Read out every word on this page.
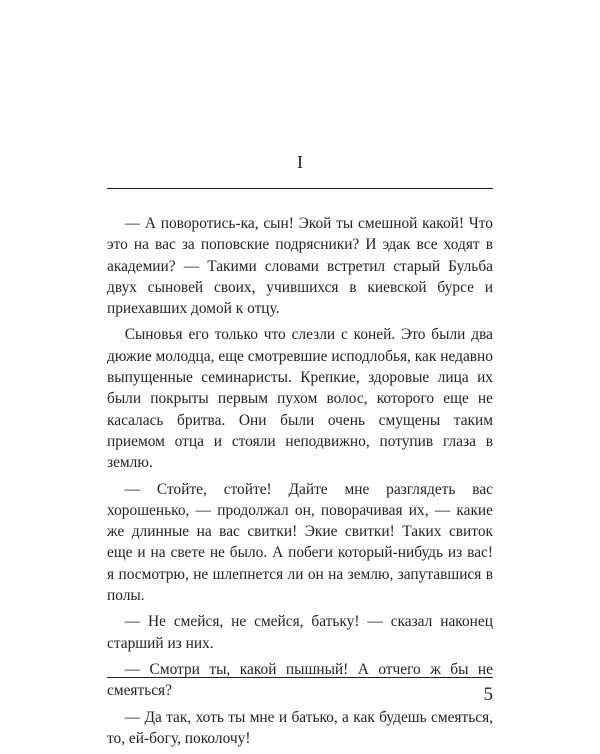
I

— А поворотись-ка, сын! Экой ты смешной какой! Что это на вас за поповские подрясники? И эдак все ходят в академии? — Такими словами встретил старый Бульба двух сыновей своих, учившихся в киевской бурсе и приехавших домой к отцу.

Сыновья его только что слезли с коней. Это были два дюжие молодца, еще смотревшие исподлобья, как недавно выпущенные семинаристы. Крепкие, здоровые лица их были покрыты первым пухом волос, которого еще не касалась бритва. Они были очень смущены таким приемом отца и стояли неподвижно, потупив глаза в землю.

— Стойте, стойте! Дайте мне разглядеть вас хорошенько, — продолжал он, поворачивая их, — какие же длинные на вас свитки! Экие свитки! Таких свиток еще и на свете не было. А побеги который-нибудь из вас! я посмотрю, не шлепнется ли он на землю, запутавшися в полы.

— Не смейся, не смейся, батьку! — сказал наконец старший из них.

— Смотри ты, какой пышный! А отчего ж бы не смеяться?

— Да так, хоть ты мне и батько, а как будешь смеяться, то, ей-богу, поколочу!

5
